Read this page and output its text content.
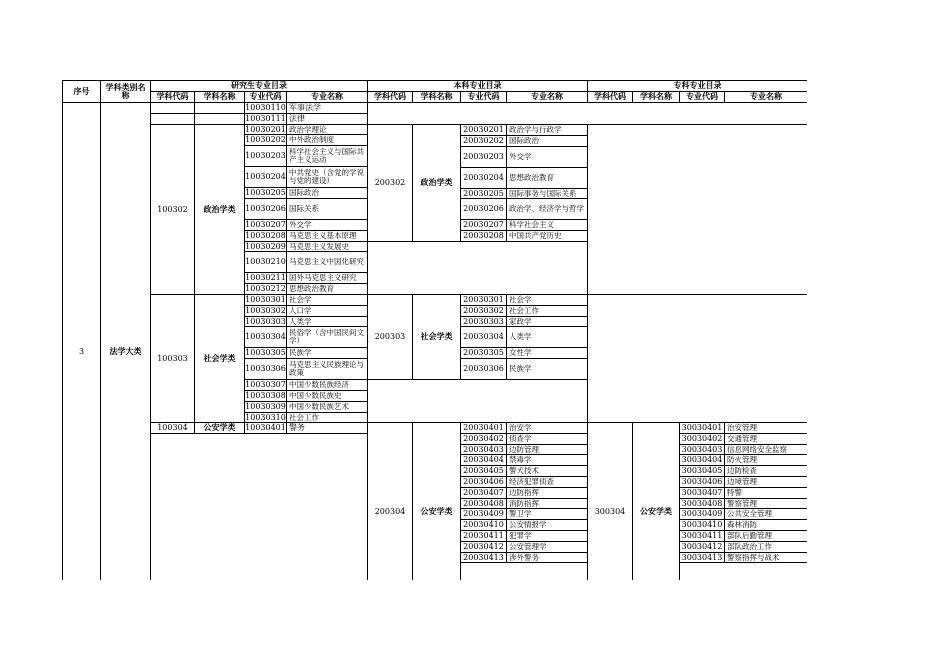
序号	学科类别名称
研究生专业目录	本科专业目录	专科专业目录
学科代码	学科名称	专业代码	专业名称	学科代码	学科名称	专业代码	专业名称	学科代码	学科名称	专业代码	专业名称
3	法学大类
10030110 军事法学
10030111 法律
100302	政治学类
10030201 政治学理论
10030202 中外政治制度
10030203 科学社会主义与国际共产主义运动
10030204 中共党史（含党的学说与党的建设）
10030205 国际政治
10030206 国际关系
10030207 外交学
10030208 马克思主义基本原理
10030209 马克思主义发展史
10030210 马克思主义中国化研究
10030211 国外马克思主义研究
10030212 思想政治教育
200302	政治学类
20030201 政治学与行政学
20030202 国际政治
20030203 外交学
20030204 思想政治教育
20030205 国际事务与国际关系
20030206 政治学、经济学与哲学
20030207 科学社会主义
20030208 中国共产党历史
100303	社会学类
10030301 社会学
10030302 人口学
10030303 人类学
10030304 民俗学（含中国民间文学）
10030305 民族学
10030306 马克思主义民族理论与政策
10030307 中国少数民族经济
10030308 中国少数民族史
10030309 中国少数民族艺术
10030310 社会工作
200303	社会学类
20030301 社会学
20030302 社会工作
20030303 家政学
20030304 人类学
20030305 女性学
20030306 民族学
100304	公安学类	10030401 警务
200304	公安学类
20030401 治安学
20030402 侦查学
20030403 边防管理
20030404 禁毒学
20030405 警犬技术
20030406 经济犯罪侦查
20030407 边防指挥
20030408 消防指挥
20030409 警卫学
20030410 公安情报学
20030411 犯罪学
20030412 公安管理学
20030413 涉外警务
300304	公安学类
30030401 治安管理
30030402 交通管理
30030403 信息网络安全监察
30030404 防火管理
30030405 边防检查
30030406 边境管理
30030407 特警
30030408 警察管理
30030409 公共安全管理
30030410 森林消防
30030411 部队后勤管理
30030412 部队政治工作
30030413 警察指挥与战术
